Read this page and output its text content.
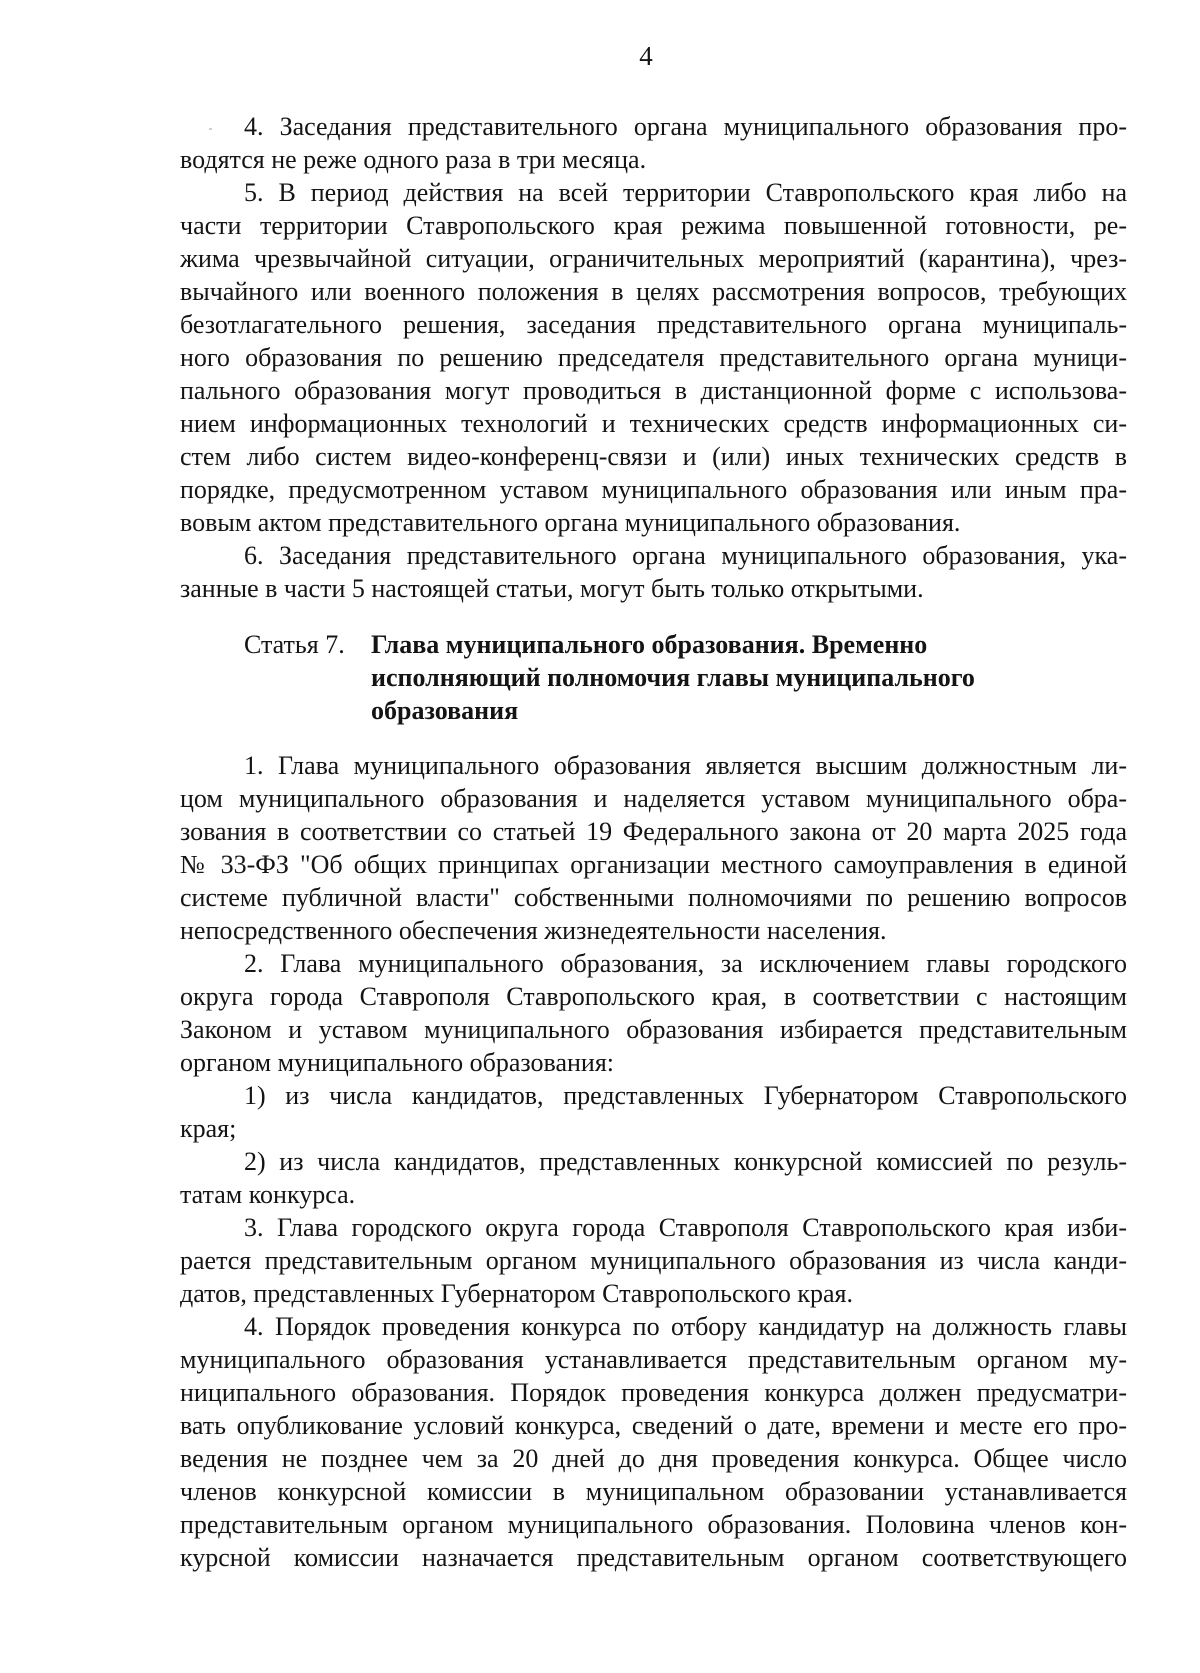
4
4. Заседания представительного органа муниципального образования про-
водятся не реже одного раза в три месяца.
5. В период действия на всей территории Ставропольского края либо на
части территории Ставропольского края режима повышенной готовности, ре-
жима чрезвычайной ситуации, ограничительных мероприятий (карантина), чрез-
вычайного или военного положения в целях рассмотрения вопросов, требующих
безотлагательного решения, заседания представительного органа муниципаль-
ного образования по решению председателя представительного органа муници-
пального образования могут проводиться в дистанционной форме с использова-
нием информационных технологий и технических средств информационных си-
стем либо систем видео-конференц-связи и (или) иных технических средств в
порядке, предусмотренном уставом муниципального образования или иным пра-
вовым актом представительного органа муниципального образования.
6. Заседания представительного органа муниципального образования, ука-
занные в части 5 настоящей статьи, могут быть только открытыми.
Статья 7.	Глава муниципального образования. Временно
исполняющий полномочия главы муниципального
образования
1. Глава муниципального образования является высшим должностным ли-
цом муниципального образования и наделяется уставом муниципального обра-
зования в соответствии со статьей 19 Федерального закона от 20 марта 2025 года
№ 33-ФЗ "Об общих принципах организации местного самоуправления в единой
системе публичной власти" собственными полномочиями по решению вопросов
непосредственного обеспечения жизнедеятельности населения.
2. Глава муниципального образования, за исключением главы городского
округа города Ставрополя Ставропольского края, в соответствии с настоящим
Законом и уставом муниципального образования избирается представительным
органом муниципального образования:
1) из числа кандидатов, представленных Губернатором Ставропольского
края;
2) из числа кандидатов, представленных конкурсной комиссией по резуль-
татам конкурса.
3. Глава городского округа города Ставрополя Ставропольского края изби-
рается представительным органом муниципального образования из числа канди-
датов, представленных Губернатором Ставропольского края.
4. Порядок проведения конкурса по отбору кандидатур на должность главы
муниципального образования устанавливается представительным органом му-
ниципального образования. Порядок проведения конкурса должен предусматри-
вать опубликование условий конкурса, сведений о дате, времени и месте его про-
ведения не позднее чем за 20 дней до дня проведения конкурса. Общее число
членов конкурсной комиссии в муниципальном образовании устанавливается
представительным органом муниципального образования. Половина членов кон-
курсной комиссии назначается представительным органом соответствующего
